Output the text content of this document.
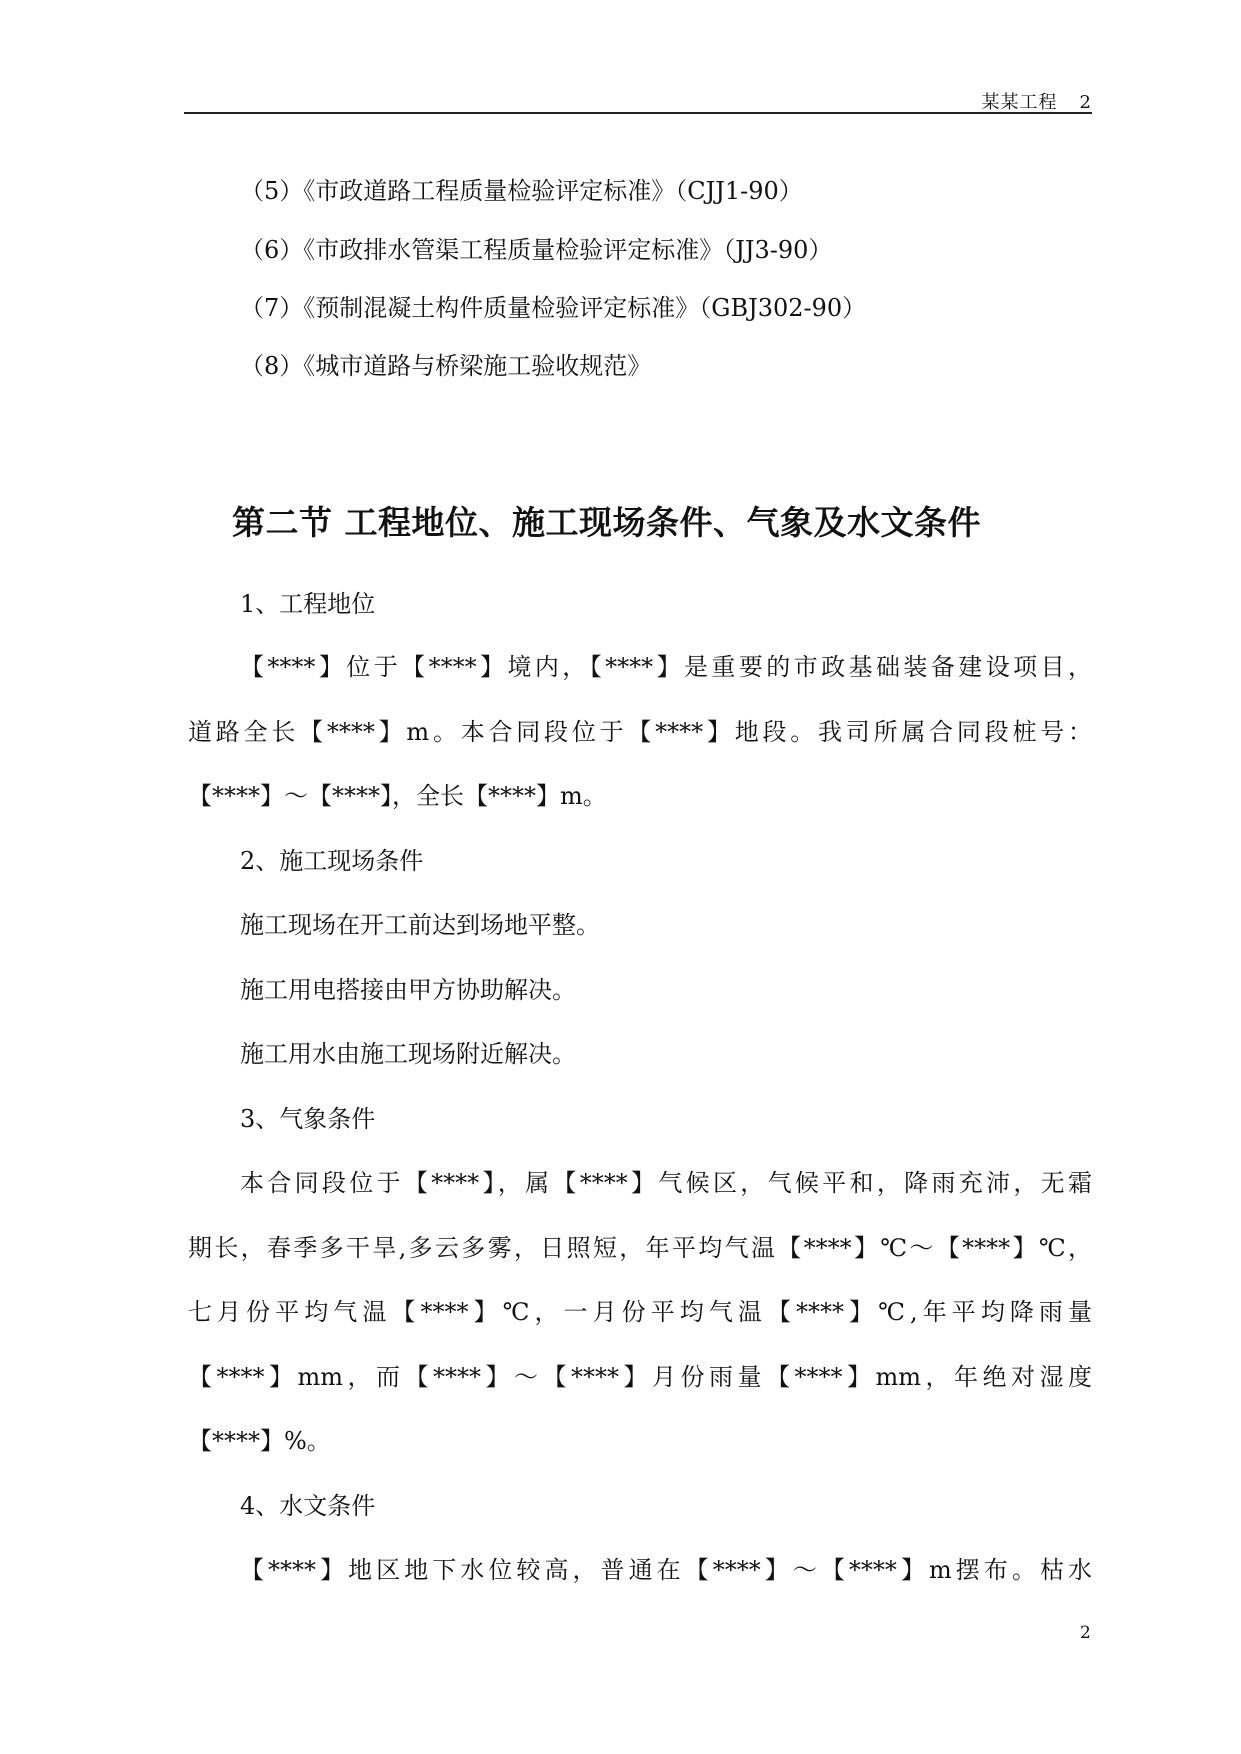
某某工程 2
（5）《市政道路工程质量检验评定标准》（CJJ1-90）
（6）《市政排水管渠工程质量检验评定标准》（JJ3-90）
（7）《预制混凝土构件质量检验评定标准》（GBJ302-90）
（8）《城市道路与桥梁施工验收规范》
第二节 工程地位、施工现场条件、气象及水文条件
1、工程地位
【****】位于【****】境内，【****】是重要的市政基础装备建设项目，
道路全长【****】m。本合同段位于【****】地段。我司所属合同段桩号：
【****】～【****】，全长【****】m。
2、施工现场条件
施工现场在开工前达到场地平整。
施工用电搭接由甲方协助解决。
施工用水由施工现场附近解决。
3、气象条件
本合同段位于【****】，属【****】气候区，气候平和，降雨充沛，无霜
期长，春季多干旱,多云多雾，日照短，年平均气温【****】℃～【****】℃，
七月份平均气温【****】℃，一月份平均气温【****】℃,年平均降雨量
【****】mm，而【****】～【****】月份雨量【****】mm，年绝对湿度
【****】%。
4、水文条件
【****】地区地下水位较高，普通在【****】～【****】m摆布。枯水
2
